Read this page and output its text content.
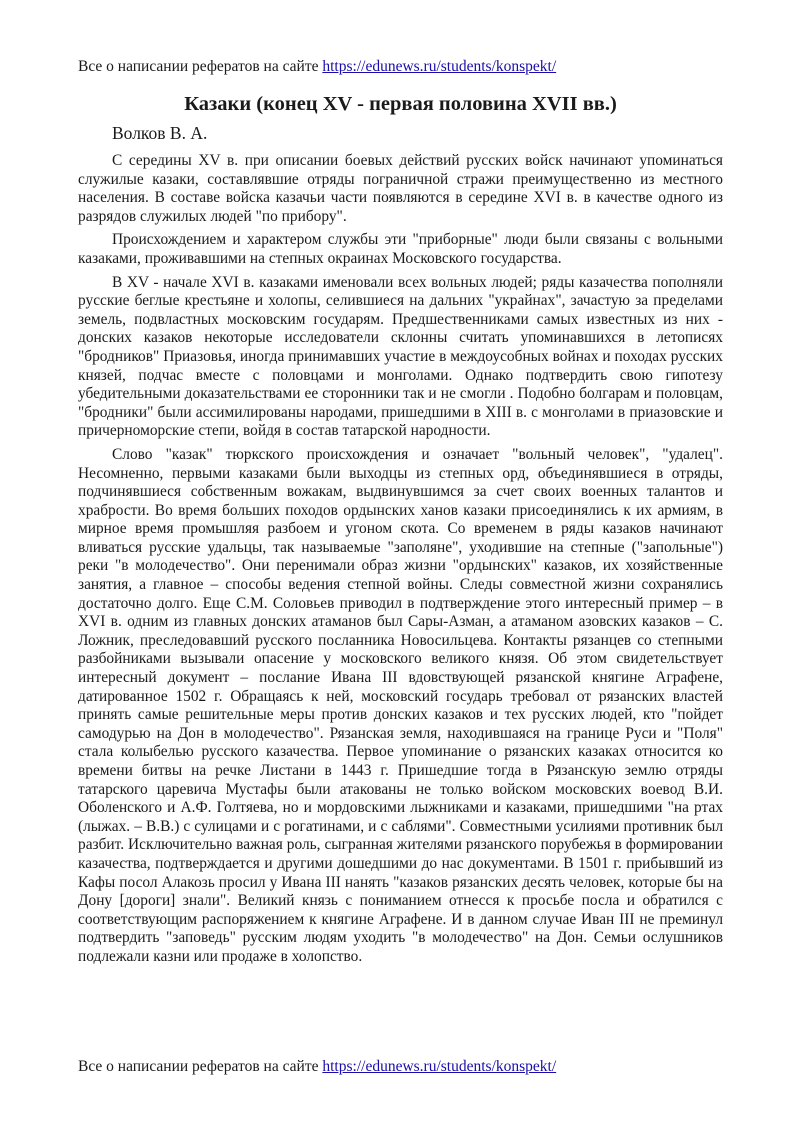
Все о написании рефератов на сайте https://edunews.ru/students/konspekt/
Казаки (конец XV - первая половина XVII вв.)
Волков В. А.

С середины XV в. при описании боевых действий русских войск начинают упоминаться служилые казаки, составлявшие отряды пограничной стражи преимущественно из местного населения. В составе войска казачьи части появляются в середине XVI в. в качестве одного из разрядов служилых людей "по прибору".

Происхождением и характером службы эти "приборные" люди были связаны с вольными казаками, проживавшими на степных окраинах Московского государства.

В XV - начале XVI в. казаками именовали всех вольных людей; ряды казачества пополняли русские беглые крестьяне и холопы, селившиеся на дальних "украйнах", зачастую за пределами земель, подвластных московским государям. Предшественниками самых известных из них - донских казаков некоторые исследователи склонны считать упоминавшихся в летописях "бродников" Приазовья, иногда принимавших участие в междоусобных войнах и походах русских князей, подчас вместе с половцами и монголами. Однако подтвердить свою гипотезу убедительными доказательствами ее сторонники так и не смогли . Подобно болгарам и половцам, "бродники" были ассимилированы народами, пришедшими в XIII в. с монголами в приазовские и причерноморские степи, войдя в состав татарской народности.

Слово "казак" тюркского происхождения и означает "вольный человек", "удалец". Несомненно, первыми казаками были выходцы из степных орд, объединявшиеся в отряды, подчинявшиеся собственным вожакам, выдвинувшимся за счет своих военных талантов и храбрости. Во время больших походов ордынских ханов казаки присоединялись к их армиям, в мирное время промышляя разбоем и угоном скота. Со временем в ряды казаков начинают вливаться русские удальцы, так называемые "заполяне", уходившие на степные ("запольные") реки "в молодечество". Они перенимали образ жизни "ордынских" казаков, их хозяйственные занятия, а главное – способы ведения степной войны. Следы совместной жизни сохранялись достаточно долго. Еще С.М. Соловьев приводил в подтверждение этого интересный пример – в XVI в. одним из главных донских атаманов был Сары-Азман, а атаманом азовских казаков – С. Ложник, преследовавший русского посланника Новосильцева. Контакты рязанцев со степными разбойниками вызывали опасение у московского великого князя. Об этом свидетельствует интересный документ – послание Ивана III вдовствующей рязанской княгине Аграфене, датированное 1502 г. Обращаясь к ней, московский государь требовал от рязанских властей принять самые решительные меры против донских казаков и тех русских людей, кто "пойдет самодурью на Дон в молодечество". Рязанская земля, находившаяся на границе Руси и "Поля" стала колыбелью русского казачества. Первое упоминание о рязанских казаках относится ко времени битвы на речке Листани в 1443 г. Пришедшие тогда в Рязанскую землю отряды татарского царевича Мустафы были атакованы не только войском московских воевод В.И. Оболенского и А.Ф. Голтяева, но и мордовскими лыжниками и казаками, пришедшими "на ртах (лыжах. – В.В.) с сулицами и с рогатинами, и с саблями". Совместными усилиями противник был разбит. Исключительно важная роль, сыгранная жителями рязанского порубежья в формировании казачества, подтверждается и другими дошедшими до нас документами. В 1501 г. прибывший из Кафы посол Алакозь просил у Ивана III нанять "казаков рязанских десять человек, которые бы на Дону [дороги] знали". Великий князь с пониманием отнесся к просьбе посла и обратился с соответствующим распоряжением к княгине Аграфене. И в данном случае Иван III не преминул подтвердить "заповедь" русским людям уходить "в молодечество" на Дон. Семьи ослушников подлежали казни или продаже в холопство.

Все о написании рефератов на сайте https://edunews.ru/students/konspekt/
